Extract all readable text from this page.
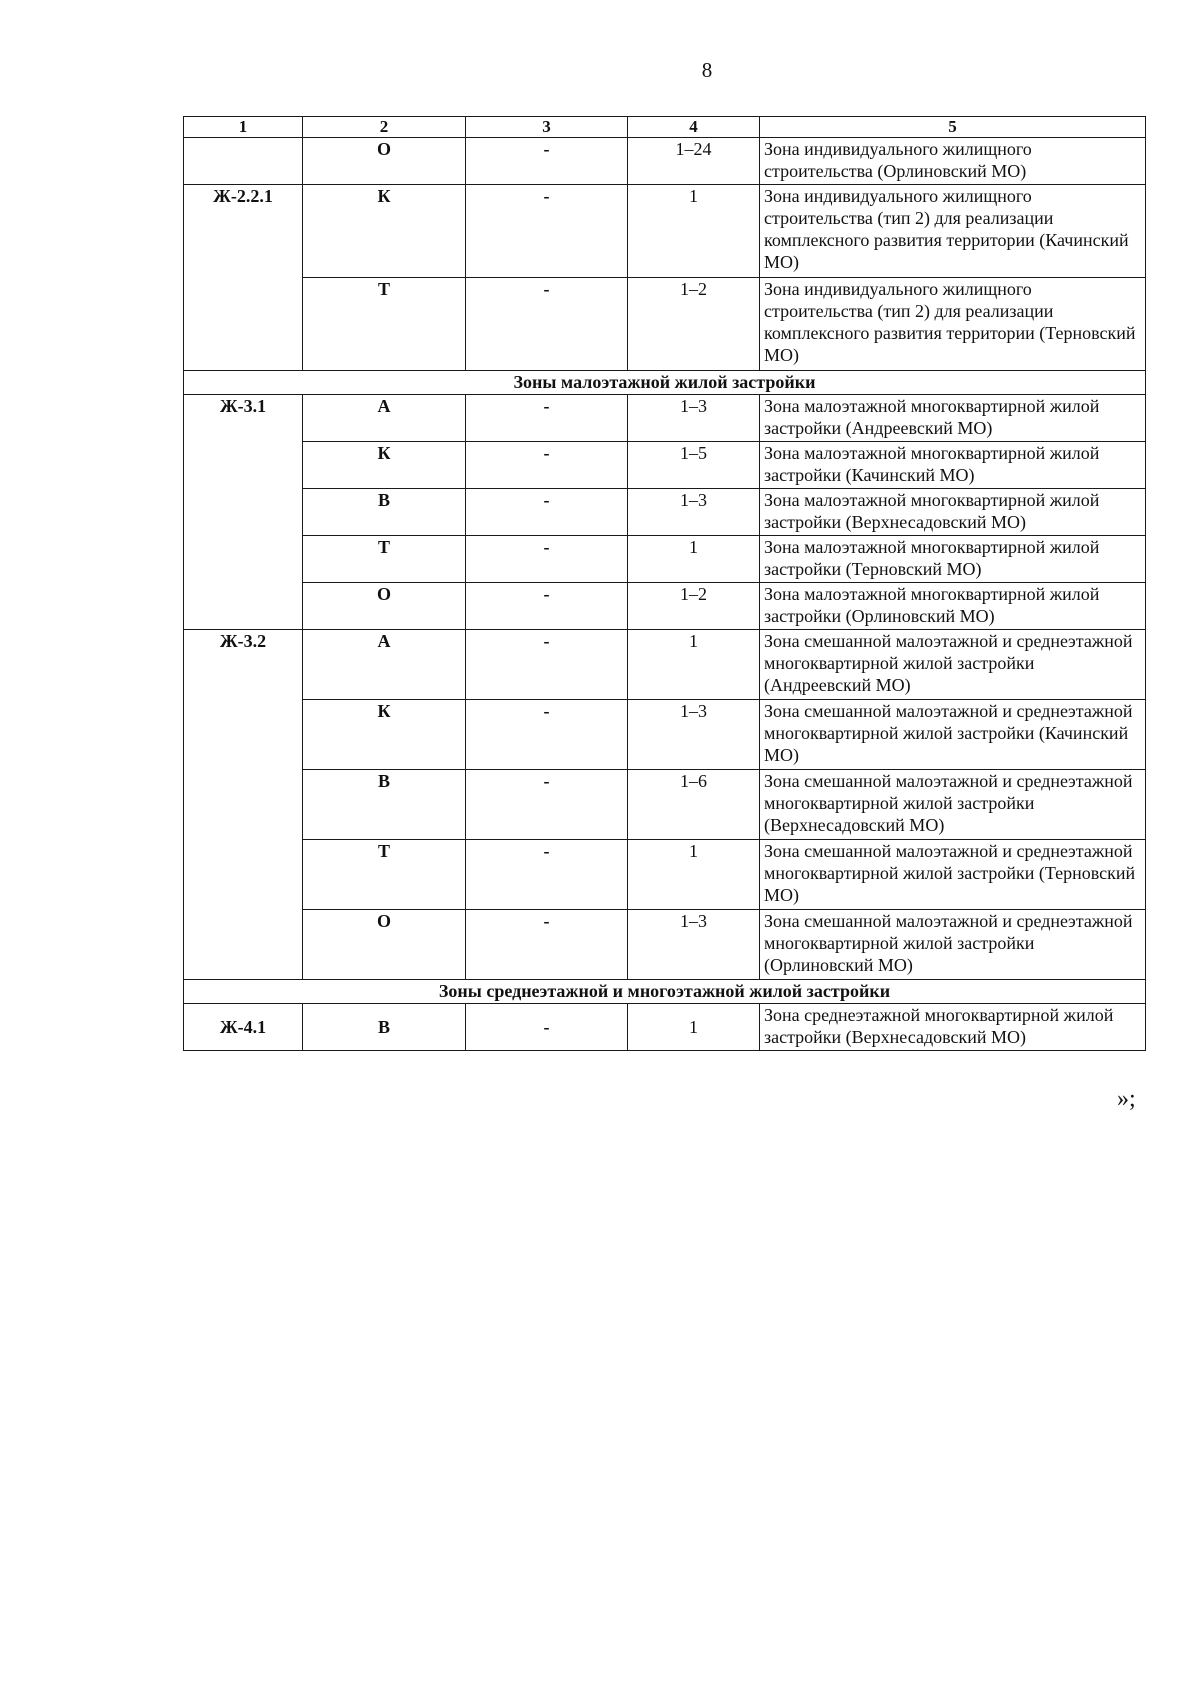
8
1	2	3	4	5
	О	-	1–24	Зона индивидуального жилищного строительства (Орлиновский МО)
Ж-2.2.1	К	-	1	Зона индивидуального жилищного строительства (тип 2) для реализации комплексного развития территории (Качинский МО)
	Т	-	1–2	Зона индивидуального жилищного строительства (тип 2) для реализации комплексного развития территории (Терновский МО)
Зоны малоэтажной жилой застройки				
Ж-3.1	А	-	1–3	Зона малоэтажной многоквартирной жилой застройки (Андреевский МО)
	К	-	1–5	Зона малоэтажной многоквартирной жилой застройки (Качинский МО)
	В	-	1–3	Зона малоэтажной многоквартирной жилой застройки (Верхнесадовский МО)
	Т	-	1	Зона малоэтажной многоквартирной жилой застройки (Терновский МО)
	О	-	1–2	Зона малоэтажной многоквартирной жилой застройки (Орлиновский МО)
Ж-3.2	А	-	1	Зона смешанной малоэтажной и среднеэтажной многоквартирной жилой застройки (Андреевский МО)
	К	-	1–3	Зона смешанной малоэтажной и среднеэтажной многоквартирной жилой застройки (Качинский МО)
	В	-	1–6	Зона смешанной малоэтажной и среднеэтажной многоквартирной жилой застройки (Верхнесадовский МО)
	Т	-	1	Зона смешанной малоэтажной и среднеэтажной многоквартирной жилой застройки (Терновский МО)
	О	-	1–3	Зона смешанной малоэтажной и среднеэтажной многоквартирной жилой застройки (Орлиновский МО)
Зоны среднеэтажной и многоэтажной жилой застройки				
Ж-4.1	В	-	1	Зона среднеэтажной многоквартирной жилой застройки (Верхнесадовский МО)
»;
